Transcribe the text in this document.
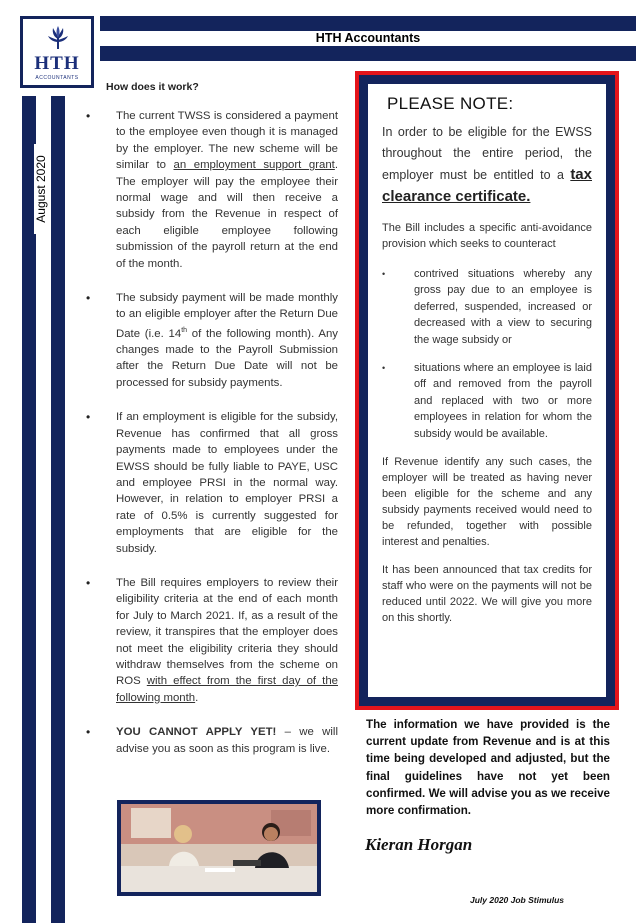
HTH
ACCOUNTANTS
HTH Accountants
August 2020
How does it work?
• The current TWSS is considered a payment to the employee even though it is managed by the employer. The new scheme will be similar to an employment support grant. The employer will pay the employee their normal wage and will then receive a subsidy from the Revenue in respect of each eligible employee following submission of the payroll return at the end of the month.
• The subsidy payment will be made monthly to an eligible employer after the Return Due Date (i.e. 14th of the following month). Any changes made to the Payroll Submission after the Return Due Date will not be processed for subsidy payments.
• If an employment is eligible for the subsidy, Revenue has confirmed that all gross payments made to employees under the EWSS should be fully liable to PAYE, USC and employee PRSI in the normal way. However, in relation to employer PRSI a rate of 0.5% is currently suggested for employments that are eligible for the subsidy.
• The Bill requires employers to review their eligibility criteria at the end of each month for July to March 2021. If, as a result of the review, it transpires that the employer does not meet the eligibility criteria they should withdraw themselves from the scheme on ROS with effect from the first day of the following month.
• YOU CANNOT APPLY YET! – we will advise you as soon as this program is live.
PLEASE NOTE:
In order to be eligible for the EWSS throughout the entire period, the employer must be entitled to a tax clearance certificate.
The Bill includes a specific anti-avoidance provision which seeks to counteract
•	contrived situations whereby any gross pay due to an employee is deferred, suspended, increased or decreased with a view to securing the wage subsidy or
•	situations where an employee is laid off and removed from the payroll and replaced with two or more employees in relation for whom the subsidy would be available.
If Revenue identify any such cases, the employer will be treated as having never been eligible for the scheme and any subsidy payments received would need to be refunded, together with possible interest and penalties.
It has been announced that tax credits for staff who were on the payments will not be reduced until 2022. We will give you more on this shortly.
The information we have provided is the current update from Revenue and is at this time being developed and adjusted, but the final guidelines have not yet been confirmed. We will advise you as we receive more confirmation.
Kieran Horgan
July 2020 Job Stimulus
